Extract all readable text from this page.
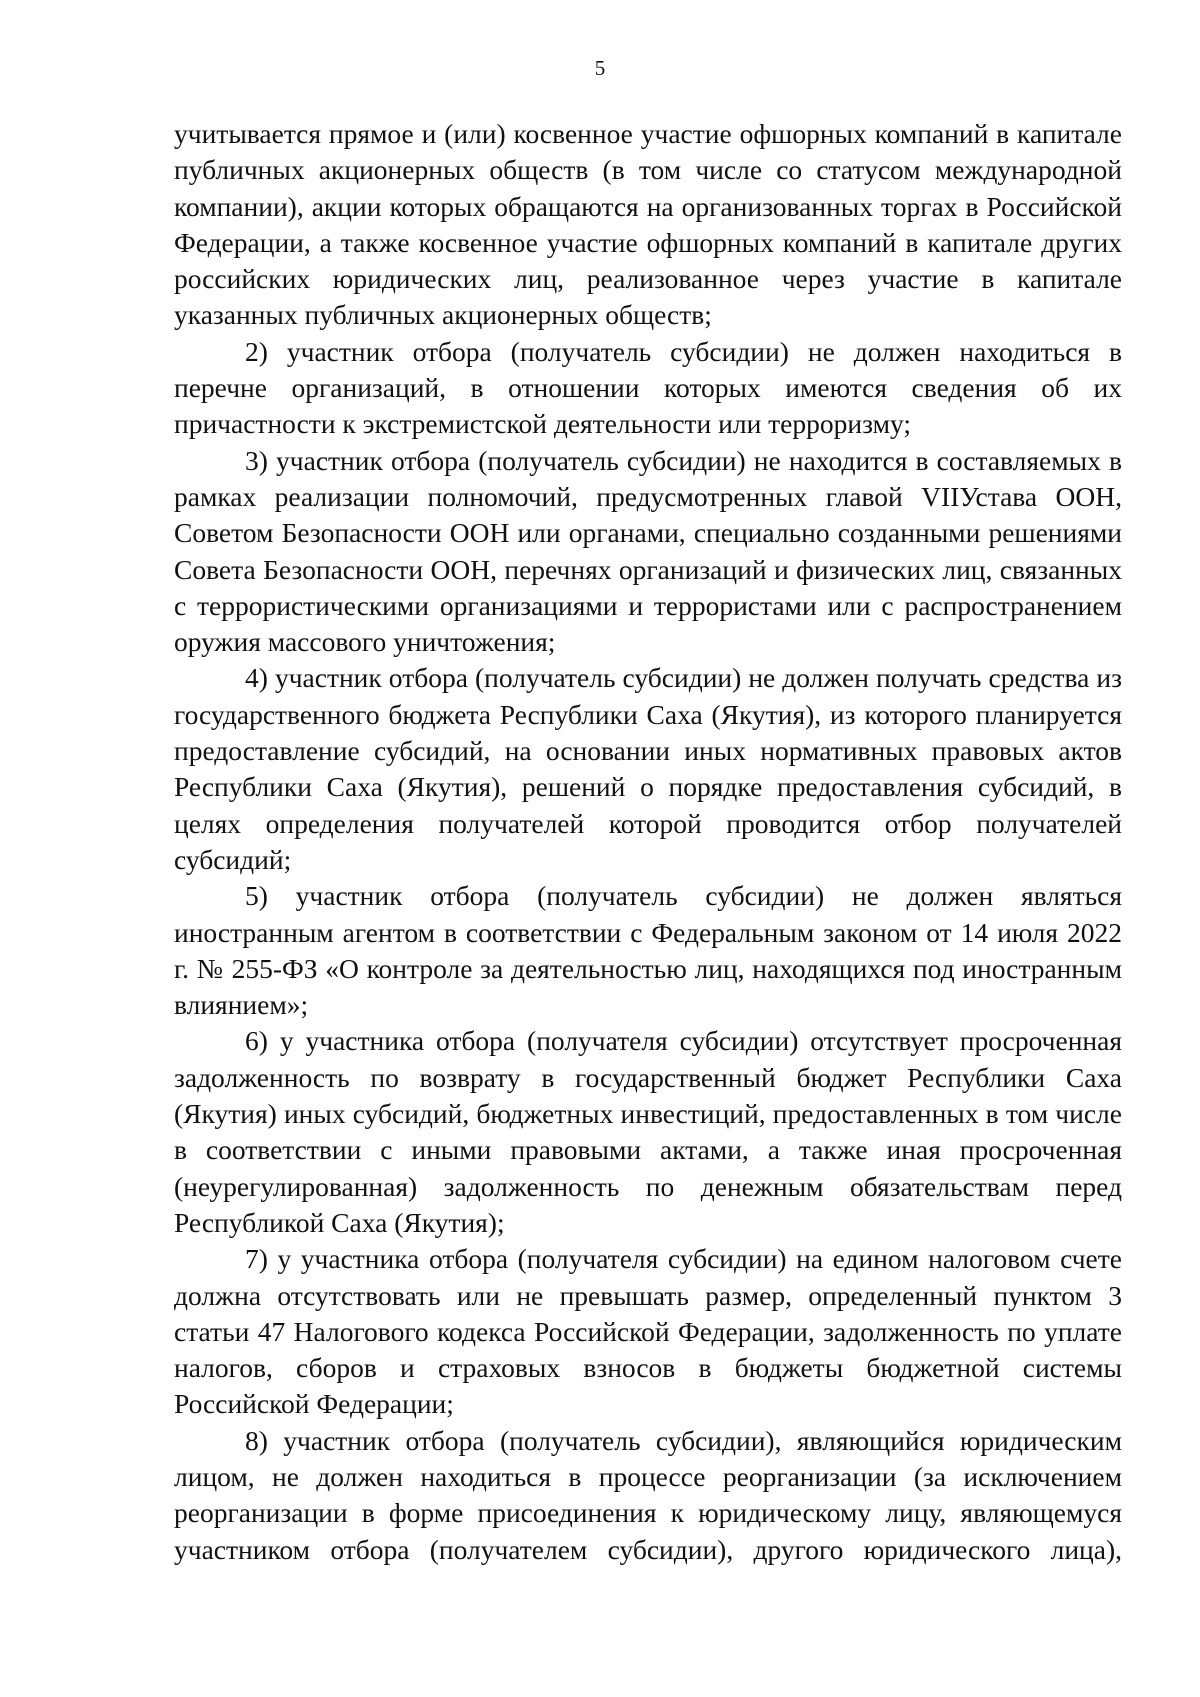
5

учитывается прямое и (или) косвенное участие офшорных компаний в капитале публичных акционерных обществ (в том числе со статусом международной компании), акции которых обращаются на организованных торгах в Российской Федерации, а также косвенное участие офшорных компаний в капитале других российских юридических лиц, реализованное через участие в капитале указанных публичных акционерных обществ;

2) участник отбора (получатель субсидии) не должен находиться в перечне организаций, в отношении которых имеются сведения об их причастности к экстремистской деятельности или терроризму;

3) участник отбора (получатель субсидии) не находится в составляемых в рамках реализации полномочий, предусмотренных главой VIIУстава ООН, Советом Безопасности ООН или органами, специально созданными решениями Совета Безопасности ООН, перечнях организаций и физических лиц, связанных с террористическими организациями и террористами или с распространением оружия массового уничтожения;

4) участник отбора (получатель субсидии) не должен получать средства из государственного бюджета Республики Саха (Якутия), из которого планируется предоставление субсидий, на основании иных нормативных правовых актов Республики Саха (Якутия), решений о порядке предоставления субсидий, в целях определения получателей которой проводится отбор получателей субсидий;

5) участник отбора (получатель субсидии) не должен являться иностранным агентом в соответствии с Федеральным законом от 14 июля 2022 г. № 255-ФЗ «О контроле за деятельностью лиц, находящихся под иностранным влиянием»;

6) у участника отбора (получателя субсидии) отсутствует просроченная задолженность по возврату в государственный бюджет Республики Саха (Якутия) иных субсидий, бюджетных инвестиций, предоставленных в том числе в соответствии с иными правовыми актами, а также иная просроченная (неурегулированная) задолженность по денежным обязательствам перед Республикой Саха (Якутия);

7) у участника отбора (получателя субсидии) на едином налоговом счете должна отсутствовать или не превышать размер, определенный пунктом 3 статьи 47 Налогового кодекса Российской Федерации, задолженность по уплате налогов, сборов и страховых взносов в бюджеты бюджетной системы Российской Федерации;

8) участник отбора (получатель субсидии), являющийся юридическим лицом, не должен находиться в процессе реорганизации (за исключением реорганизации в форме присоединения к юридическому лицу, являющемуся участником отбора (получателем субсидии), другого юридического лица),
